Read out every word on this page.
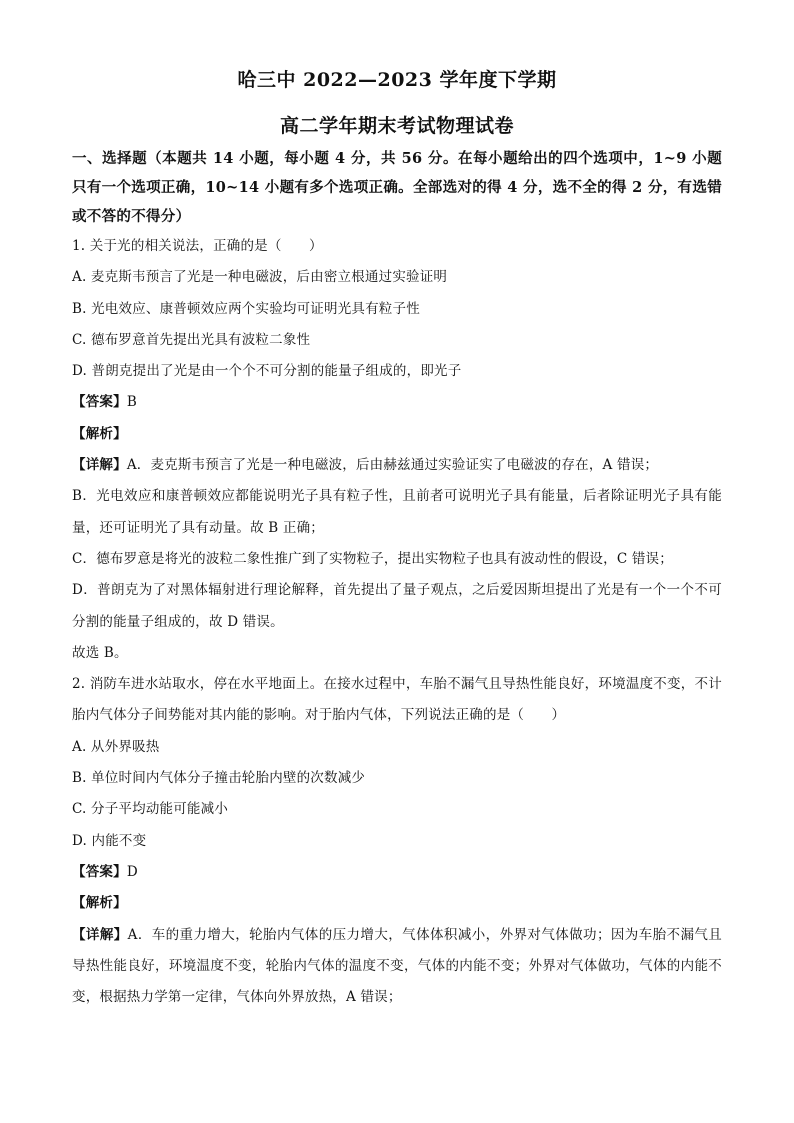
哈三中 2022—2023 学年度下学期
高二学年期末考试物理试卷
一、选择题（本题共 14 小题，每小题 4 分，共 56 分。在每小题给出的四个选项中，1~9 小题只有一个选项正确，10~14 小题有多个选项正确。全部选对的得 4 分，选不全的得 2 分，有选错或不答的不得分）
1. 关于光的相关说法，正确的是（　　）
A. 麦克斯韦预言了光是一种电磁波，后由密立根通过实验证明
B. 光电效应、康普顿效应两个实验均可证明光具有粒子性
C. 德布罗意首先提出光具有波粒二象性
D. 普朗克提出了光是由一个个不可分割的能量子组成的，即光子
【答案】B
【解析】
【详解】A．麦克斯韦预言了光是一种电磁波，后由赫兹通过实验证实了电磁波的存在，A 错误；
B．光电效应和康普顿效应都能说明光子具有粒子性，且前者可说明光子具有能量，后者除证明光子具有能量，还可证明光了具有动量。故 B 正确；
C．德布罗意是将光的波粒二象性推广到了实物粒子，提出实物粒子也具有波动性的假设，C 错误；
D．普朗克为了对黑体辐射进行理论解释，首先提出了量子观点，之后爱因斯坦提出了光是有一个一个不可分割的能量子组成的，故 D 错误。
故选 B。
2. 消防车进水站取水，停在水平地面上。在接水过程中，车胎不漏气且导热性能良好，环境温度不变，不计胎内气体分子间势能对其内能的影响。对于胎内气体，下列说法正确的是（　　）
A. 从外界吸热
B. 单位时间内气体分子撞击轮胎内壁的次数减少
C. 分子平均动能可能减小
D. 内能不变
【答案】D
【解析】
【详解】A．车的重力增大，轮胎内气体的压力增大，气体体积减小，外界对气体做功；因为车胎不漏气且导热性能良好，环境温度不变，轮胎内气体的温度不变，气体的内能不变；外界对气体做功，气体的内能不变，根据热力学第一定律，气体向外界放热，A 错误；
